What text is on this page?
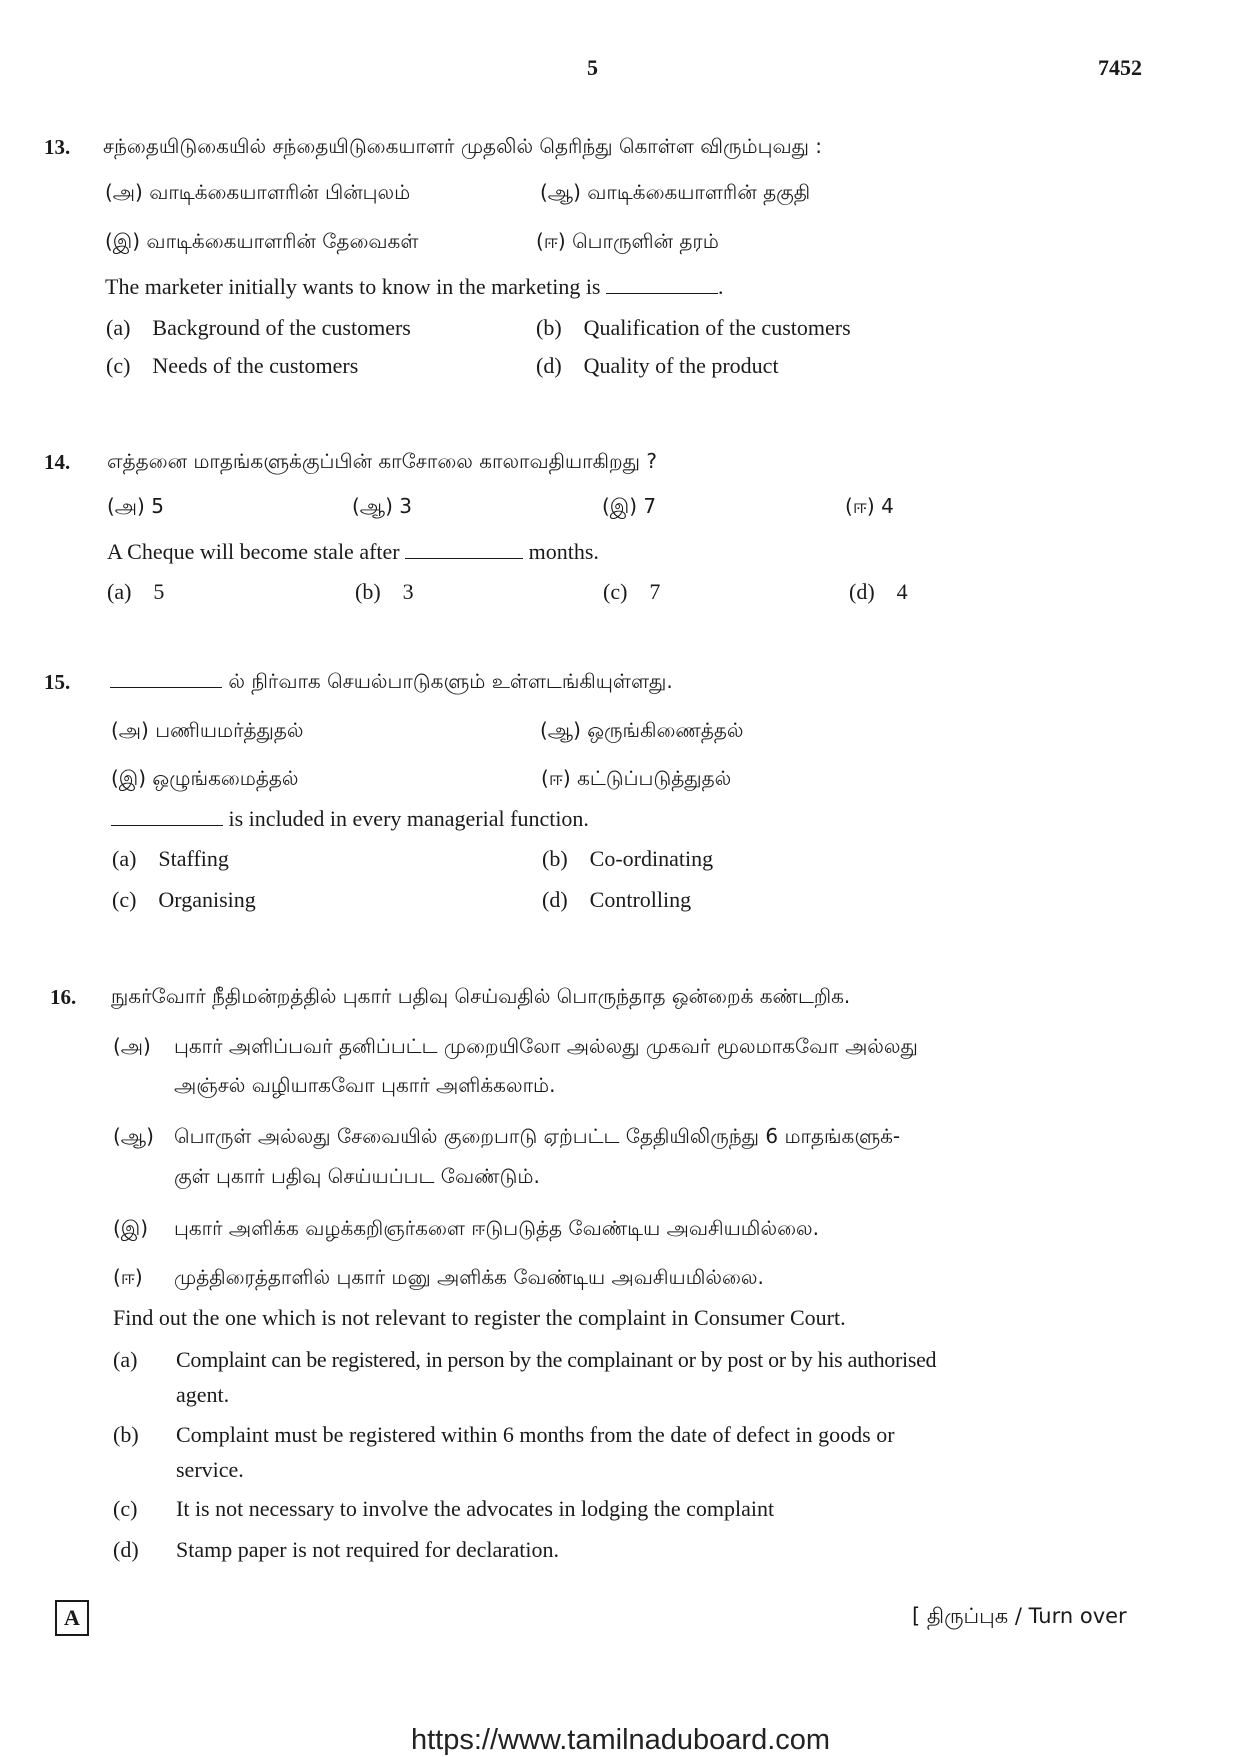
5	7452
13. சந்தையிடுகையில் சந்தையிடுகையாளர் முதலில் தெரிந்து கொள்ள விரும்புவது :
(அ) வாடிக்கையாளரின் பின்புலம்	(ஆ) வாடிக்கையாளரின் தகுதி
(இ) வாடிக்கையாளரின் தேவைகள்	(ஈ) பொருளின் தரம்
The marketer initially wants to know in the marketing is	.
(a) Background of the customers	(b) Qualification of the customers
(c) Needs of the customers	(d) Quality of the product
14. எத்தனை மாதங்களுக்குப்பின் காசோலை காலாவதியாகிறது ?
(அ) 5	(ஆ) 3	(இ) 7	(ஈ) 4
A Cheque will become stale after	months.
(a) 5	(b) 3	(c) 7	(d) 4
15.	ல் நிர்வாக செயல்பாடுகளும் உள்ளடங்கியுள்ளது.
(அ) பணியமர்த்துதல்	(ஆ) ஒருங்கிணைத்தல்
(இ) ஒழுங்கமைத்தல்	(ஈ) கட்டுப்படுத்துதல்
is included in every managerial function.
(a) Staffing	(b) Co-ordinating
(c) Organising	(d) Controlling
16. நுகர்வோர் நீதிமன்றத்தில் புகார் பதிவு செய்வதில் பொருந்தாத ஒன்றைக் கண்டறிக.
(அ) புகார் அளிப்பவர் தனிப்பட்ட முறையிலோ அல்லது முகவர் மூலமாகவோ அல்லது
அஞ்சல் வழியாகவோ புகார் அளிக்கலாம்.
(ஆ) பொருள் அல்லது சேவையில் குறைபாடு ஏற்பட்ட தேதியிலிருந்து 6 மாதங்களுக்-
குள் புகார் பதிவு செய்யப்பட வேண்டும்.
(இ) புகார் அளிக்க வழக்கறிஞர்களை ஈடுபடுத்த வேண்டிய அவசியமில்லை.
(ஈ) முத்திரைத்தாளில் புகார் மனு அளிக்க வேண்டிய அவசியமில்லை.
Find out the one which is not relevant to register the complaint in Consumer Court.
(a) Complaint can be registered, in person by the complainant or by post or by his authorised
agent.
(b) Complaint must be registered within 6 months from the date of defect in goods or
service.
(c) It is not necessary to involve the advocates in lodging the complaint
(d) Stamp paper is not required for declaration.
A	[ திருப்புக / Turn over
https://www.tamilnaduboard.com
